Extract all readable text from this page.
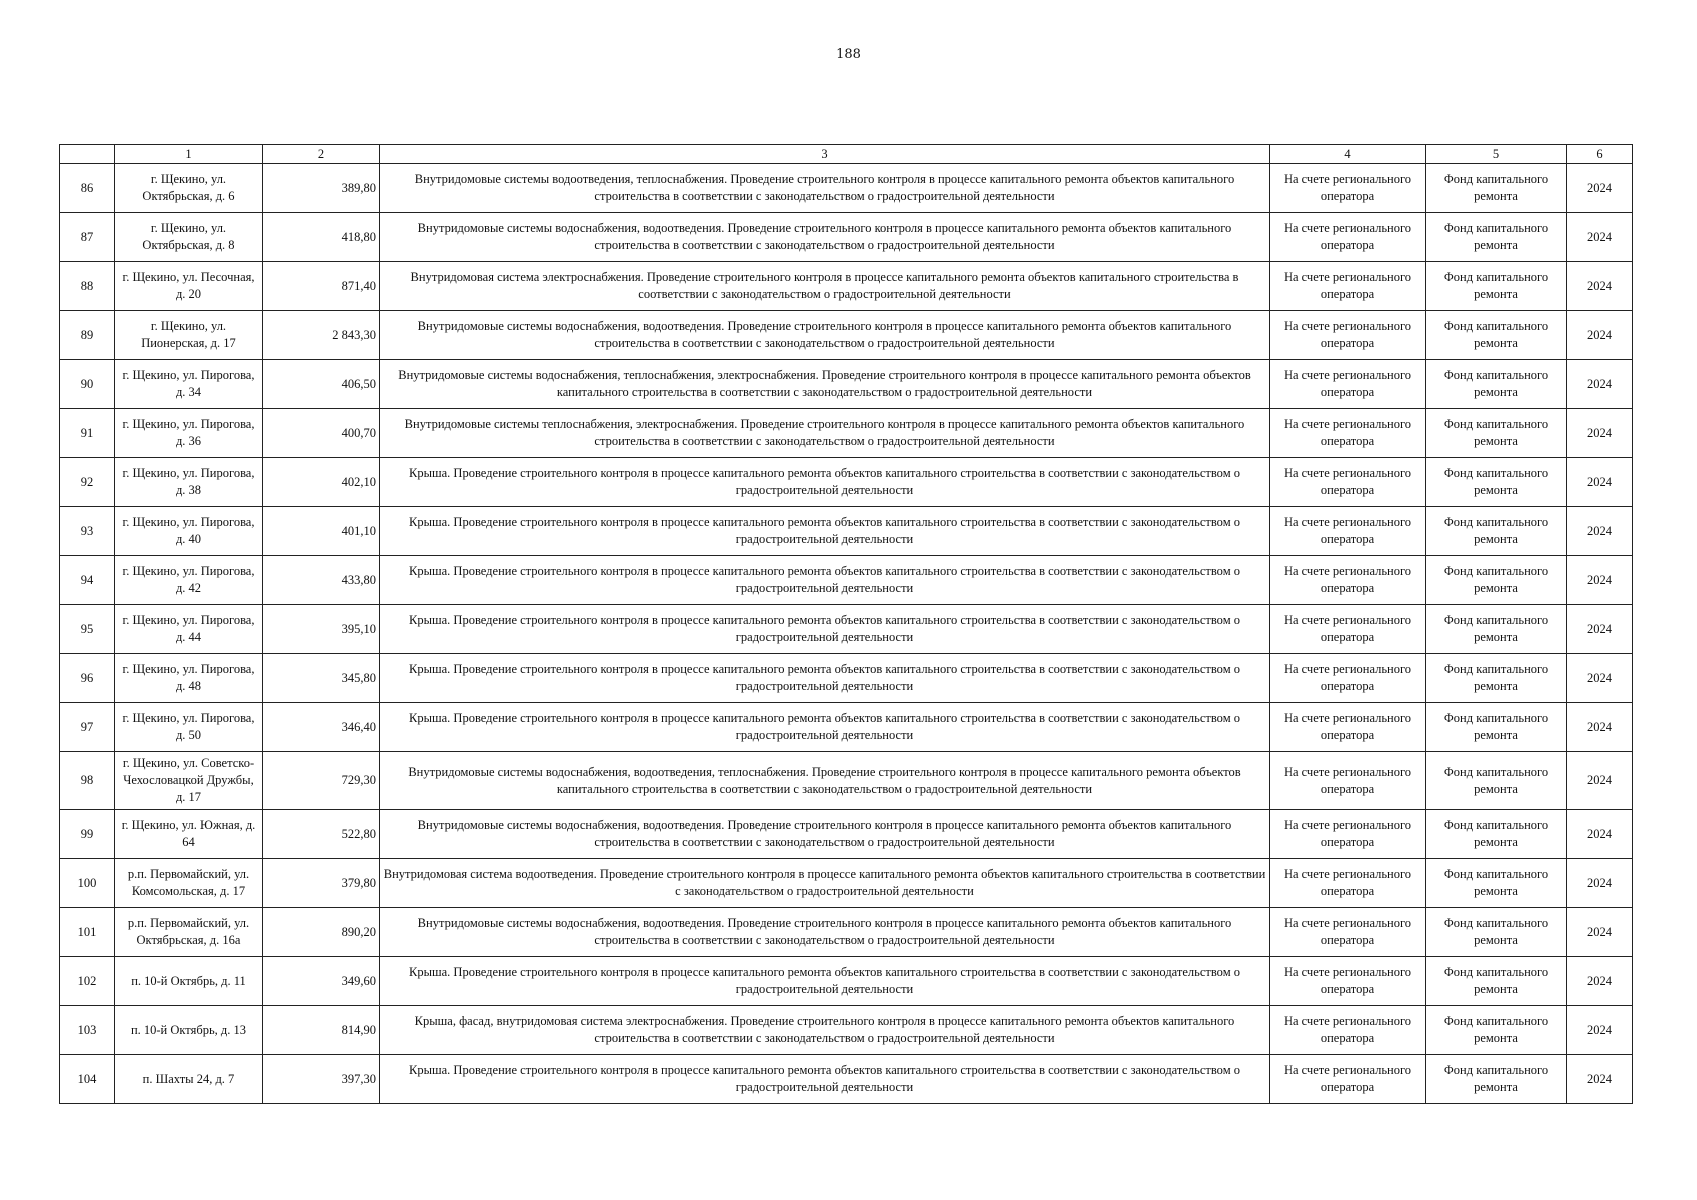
188
	1	2	3	4	5	6
86	г. Щекино, ул. Октябрьская, д. 6	389,80	Внутридомовые системы водоотведения, теплоснабжения. Проведение строительного контроля в процессе капитального ремонта объектов капитального строительства в соответствии с законодательством о градостроительной деятельности	На счете регионального оператора	Фонд капитального ремонта	2024
87	г. Щекино, ул. Октябрьская, д. 8	418,80	Внутридомовые системы водоснабжения, водоотведения. Проведение строительного контроля в процессе капитального ремонта объектов капитального строительства в соответствии с законодательством о градостроительной деятельности	На счете регионального оператора	Фонд капитального ремонта	2024
88	г. Щекино, ул. Песочная, д. 20	871,40	Внутридомовая система электроснабжения. Проведение строительного контроля в процессе капитального ремонта объектов капитального строительства в соответствии с законодательством о градостроительной деятельности	На счете регионального оператора	Фонд капитального ремонта	2024
89	г. Щекино, ул. Пионерская, д. 17	2 843,30	Внутридомовые системы водоснабжения, водоотведения. Проведение строительного контроля в процессе капитального ремонта объектов капитального строительства в соответствии с законодательством о градостроительной деятельности	На счете регионального оператора	Фонд капитального ремонта	2024
90	г. Щекино, ул. Пирогова, д. 34	406,50	Внутридомовые системы водоснабжения, теплоснабжения, электроснабжения. Проведение строительного контроля в процессе капитального ремонта объектов капитального строительства в соответствии с законодательством о градостроительной деятельности	На счете регионального оператора	Фонд капитального ремонта	2024
91	г. Щекино, ул. Пирогова, д. 36	400,70	Внутридомовые системы теплоснабжения, электроснабжения. Проведение строительного контроля в процессе капитального ремонта объектов капитального строительства в соответствии с законодательством о градостроительной деятельности	На счете регионального оператора	Фонд капитального ремонта	2024
92	г. Щекино, ул. Пирогова, д. 38	402,10	Крыша. Проведение строительного контроля в процессе капитального ремонта объектов капитального строительства в соответствии с законодательством о градостроительной деятельности	На счете регионального оператора	Фонд капитального ремонта	2024
93	г. Щекино, ул. Пирогова, д. 40	401,10	Крыша. Проведение строительного контроля в процессе капитального ремонта объектов капитального строительства в соответствии с законодательством о градостроительной деятельности	На счете регионального оператора	Фонд капитального ремонта	2024
94	г. Щекино, ул. Пирогова, д. 42	433,80	Крыша. Проведение строительного контроля в процессе капитального ремонта объектов капитального строительства в соответствии с законодательством о градостроительной деятельности	На счете регионального оператора	Фонд капитального ремонта	2024
95	г. Щекино, ул. Пирогова, д. 44	395,10	Крыша. Проведение строительного контроля в процессе капитального ремонта объектов капитального строительства в соответствии с законодательством о градостроительной деятельности	На счете регионального оператора	Фонд капитального ремонта	2024
96	г. Щекино, ул. Пирогова, д. 48	345,80	Крыша. Проведение строительного контроля в процессе капитального ремонта объектов капитального строительства в соответствии с законодательством о градостроительной деятельности	На счете регионального оператора	Фонд капитального ремонта	2024
97	г. Щекино, ул. Пирогова, д. 50	346,40	Крыша. Проведение строительного контроля в процессе капитального ремонта объектов капитального строительства в соответствии с законодательством о градостроительной деятельности	На счете регионального оператора	Фонд капитального ремонта	2024
98	г. Щекино, ул. Советско-Чехословацкой Дружбы, д. 17	729,30	Внутридомовые системы водоснабжения, водоотведения, теплоснабжения. Проведение строительного контроля в процессе капитального ремонта объектов капитального строительства в соответствии с законодательством о градостроительной деятельности	На счете регионального оператора	Фонд капитального ремонта	2024
99	г. Щекино, ул. Южная, д. 64	522,80	Внутридомовые системы водоснабжения, водоотведения. Проведение строительного контроля в процессе капитального ремонта объектов капитального строительства в соответствии с законодательством о градостроительной деятельности	На счете регионального оператора	Фонд капитального ремонта	2024
100	р.п. Первомайский, ул. Комсомольская, д. 17	379,80	Внутридомовая система водоотведения. Проведение строительного контроля в процессе капитального ремонта объектов капитального строительства в соответствии с законодательством о градостроительной деятельности	На счете регионального оператора	Фонд капитального ремонта	2024
101	р.п. Первомайский, ул. Октябрьская, д. 16а	890,20	Внутридомовые системы водоснабжения, водоотведения. Проведение строительного контроля в процессе капитального ремонта объектов капитального строительства в соответствии с законодательством о градостроительной деятельности	На счете регионального оператора	Фонд капитального ремонта	2024
102	п. 10-й Октябрь, д. 11	349,60	Крыша. Проведение строительного контроля в процессе капитального ремонта объектов капитального строительства в соответствии с законодательством о градостроительной деятельности	На счете регионального оператора	Фонд капитального ремонта	2024
103	п. 10-й Октябрь, д. 13	814,90	Крыша, фасад, внутридомовая система электроснабжения. Проведение строительного контроля в процессе капитального ремонта объектов капитального строительства в соответствии с законодательством о градостроительной деятельности	На счете регионального оператора	Фонд капитального ремонта	2024
104	п. Шахты 24, д. 7	397,30	Крыша. Проведение строительного контроля в процессе капитального ремонта объектов капитального строительства в соответствии с законодательством о градостроительной деятельности	На счете регионального оператора	Фонд капитального ремонта	2024
